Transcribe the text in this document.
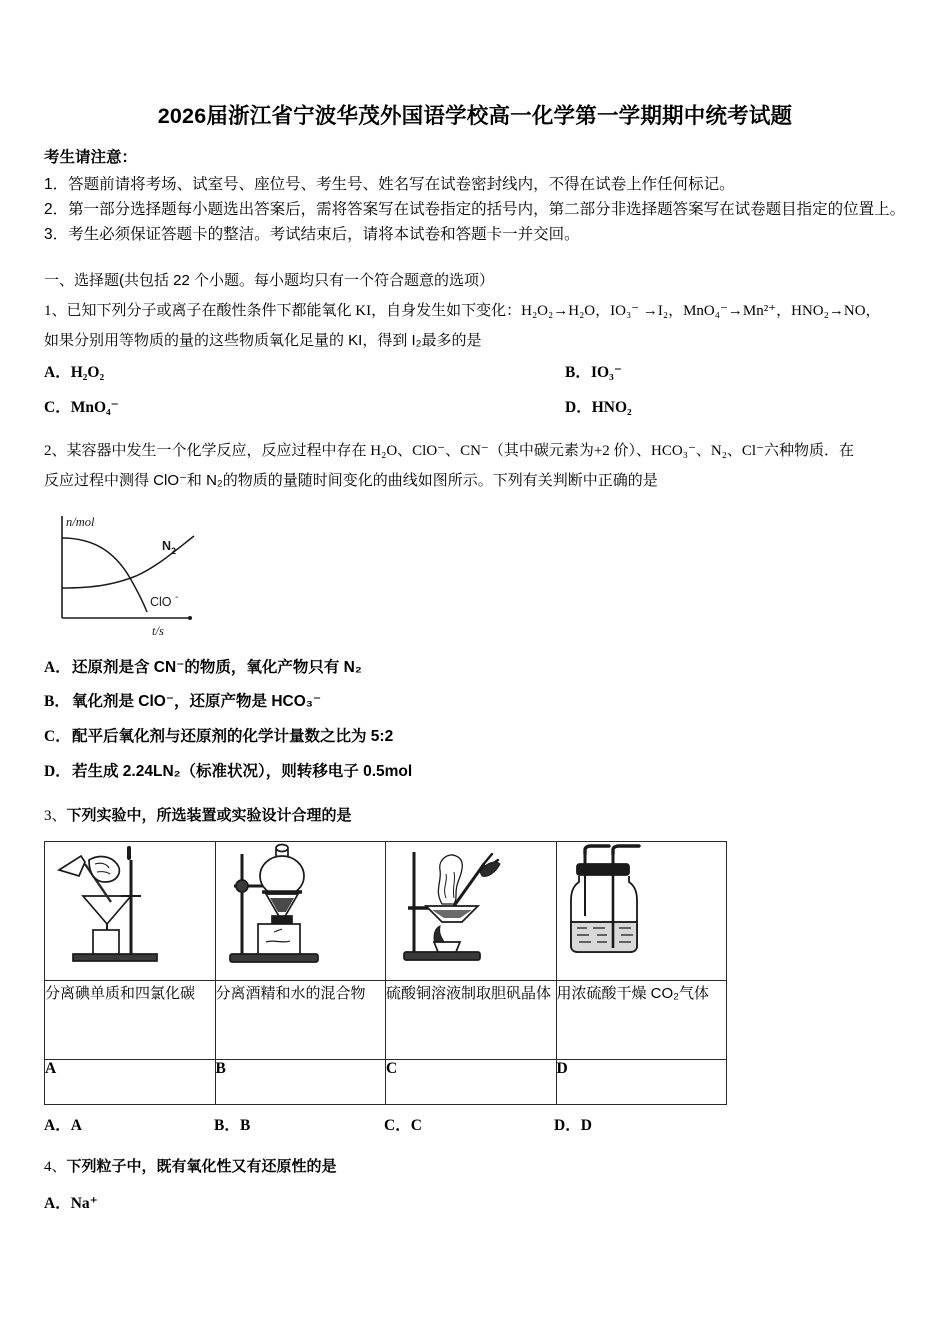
2026届浙江省宁波华茂外国语学校高一化学第一学期期中统考试题

考生请注意：

1．答题前请将考场、试室号、座位号、考生号、姓名写在试卷密封线内，不得在试卷上作任何标记。

2．第一部分选择题每小题选出答案后，需将答案写在试卷指定的括号内，第二部分非选择题答案写在试卷题目指定的位置上。

3．考生必须保证答题卡的整洁。考试结束后，请将本试卷和答题卡一并交回。

一、选择题(共包括 22 个小题。每小题均只有一个符合题意的选项）

1、已知下列分子或离子在酸性条件下都能氧化 KI，自身发生如下变化：H₂O₂→H₂O，IO₃⁻ →I₂，MnO₄⁻→Mn²⁺，HNO₂→NO，

如果分别用等物质的量的这些物质氧化足量的 KI，得到 I₂最多的是

A．H₂O₂	B．IO₃⁻
C．MnO₄⁻	D．HNO₂

2、某容器中发生一个化学反应，反应过程中存在 H₂O、ClO⁻、CN⁻（其中碳元素为+2 价）、HCO₃⁻、N₂、Cl⁻六种物质．在

反应过程中测得 ClO⁻和 N₂的物质的量随时间变化的曲线如图所示。下列有关判断中正确的是

n/mol
N 2
ClO -
t/s
A．还原剂是含 CN⁻的物质，氧化产物只有 N₂
B． 氧化剂是 ClO⁻，还原产物是 HCO₃⁻
C．配平后氧化剂与还原剂的化学计量数之比为 5:2
D．若生成 2.24LN₂（标准状况），则转移电子 0.5mol

3、下列实验中，所选装置或实验设计合理的是

分离碘单质和四氯化碳	分离酒精和水的混合物	硫酸铜溶液制取胆矾晶体	用浓硫酸干燥 CO₂气体
A	B	C	D
A．A	B．B	C．C	D．D

4、下列粒子中，既有氧化性又有还原性的是

A．Na⁺
